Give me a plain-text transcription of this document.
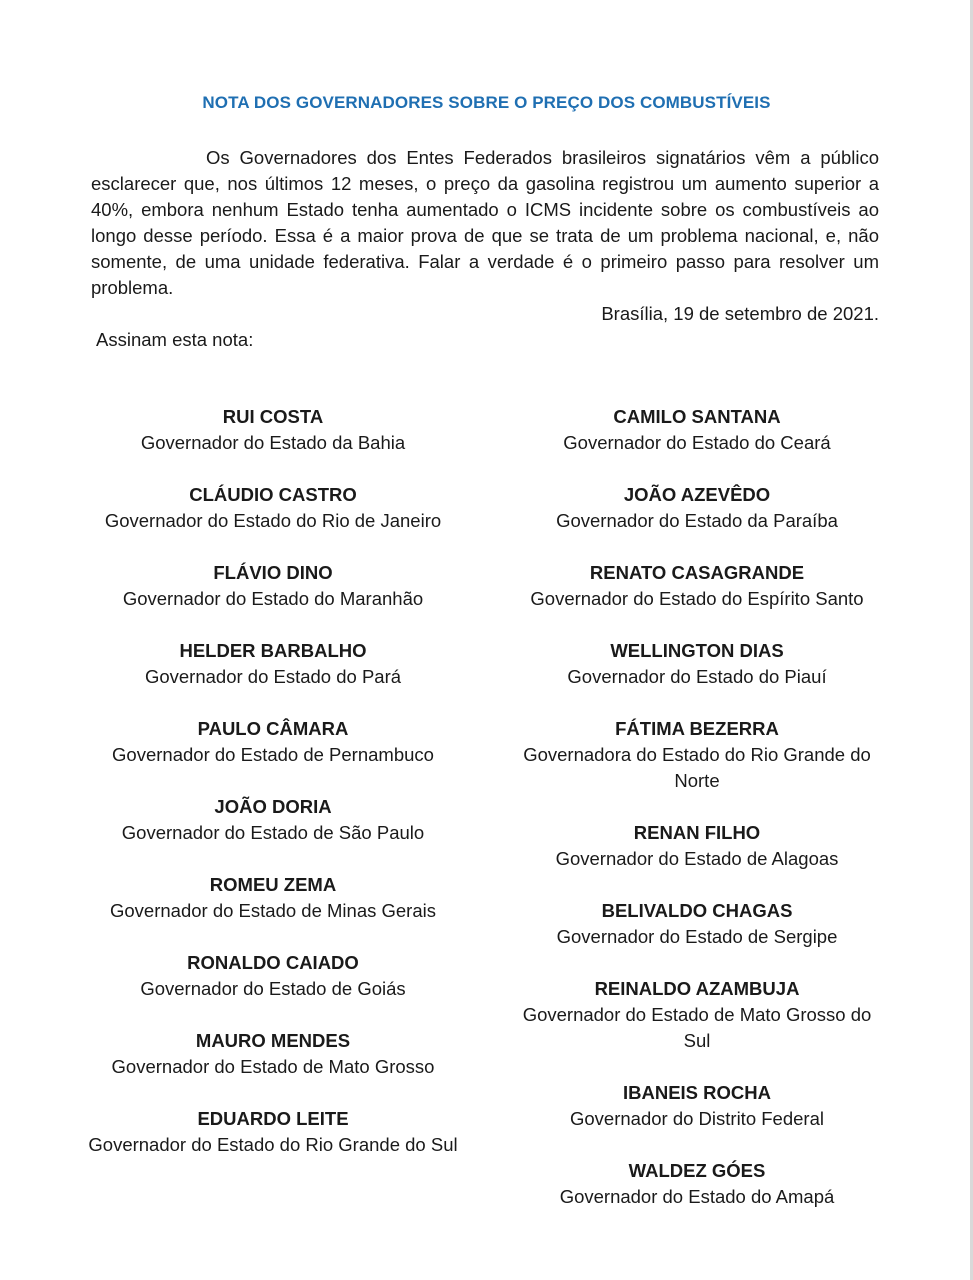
NOTA DOS GOVERNADORES SOBRE O PREÇO DOS COMBUSTÍVEIS

Os Governadores dos Entes Federados brasileiros signatários vêm a público esclarecer que, nos últimos 12 meses, o preço da gasolina registrou um aumento superior a 40%, embora nenhum Estado tenha aumentado o ICMS incidente sobre os combustíveis ao longo desse período. Essa é a maior prova de que se trata de um problema nacional, e, não somente, de uma unidade federativa. Falar a verdade é o primeiro passo para resolver um problema.

Brasília, 19 de setembro de 2021.
Assinam esta nota:
RUI COSTA
Governador do Estado da Bahia
CLÁUDIO CASTRO
Governador do Estado do Rio de Janeiro
FLÁVIO DINO
Governador do Estado do Maranhão
HELDER BARBALHO
Governador do Estado do Pará
PAULO CÂMARA
Governador do Estado de Pernambuco
JOÃO DORIA
Governador do Estado de São Paulo
ROMEU ZEMA
Governador do Estado de Minas Gerais
RONALDO CAIADO
Governador do Estado de Goiás
MAURO MENDES
Governador do Estado de Mato Grosso
EDUARDO LEITE
Governador do Estado do Rio Grande do Sul
CAMILO SANTANA
Governador do Estado do Ceará
JOÃO AZEVÊDO
Governador do Estado da Paraíba
RENATO CASAGRANDE
Governador do Estado do Espírito Santo
WELLINGTON DIAS
Governador do Estado do Piauí
FÁTIMA BEZERRA
Governadora do Estado do Rio Grande do Norte
RENAN FILHO
Governador do Estado de Alagoas
BELIVALDO CHAGAS
Governador do Estado de Sergipe
REINALDO AZAMBUJA
Governador do Estado de Mato Grosso do Sul
IBANEIS ROCHA
Governador do Distrito Federal
WALDEZ GÓES
Governador do Estado do Amapá
